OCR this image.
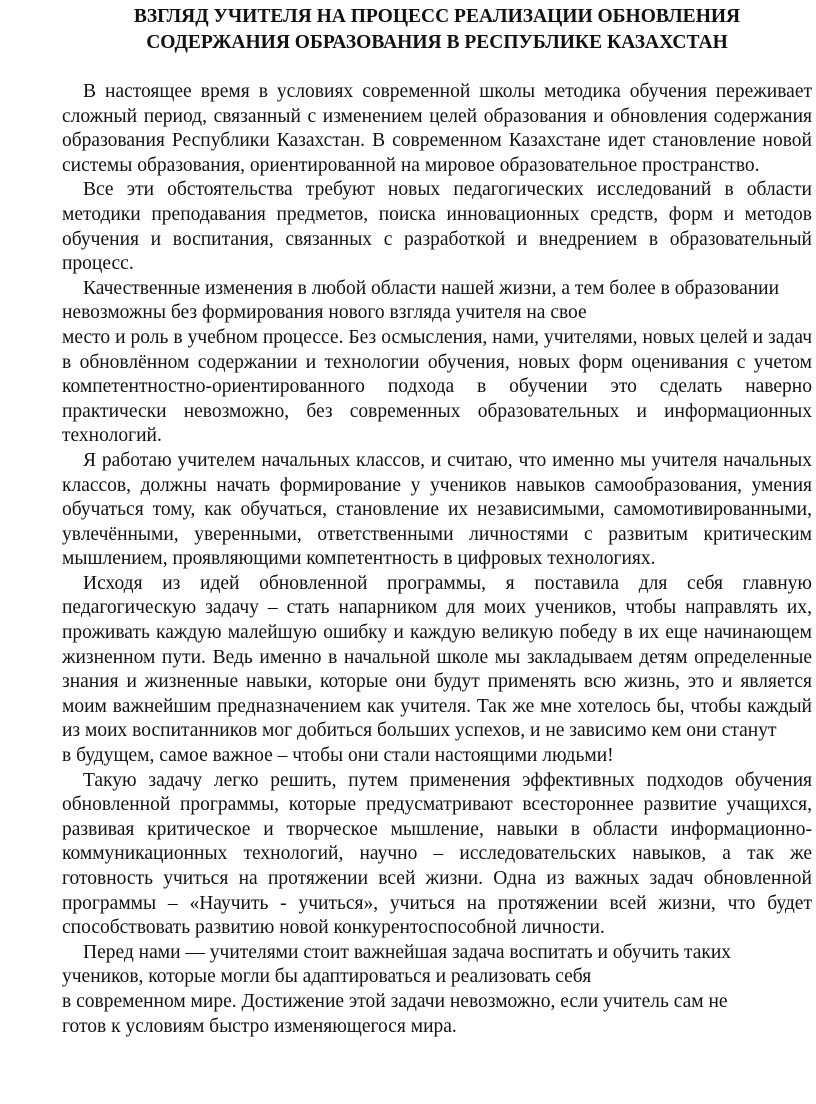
ВЗГЛЯД УЧИТЕЛЯ НА ПРОЦЕСС РЕАЛИЗАЦИИ ОБНОВЛЕНИЯ
СОДЕРЖАНИЯ ОБРАЗОВАНИЯ В РЕСПУБЛИКЕ КАЗАХСТАН

В настоящее время в условиях современной школы методика обучения переживает сложный период, связанный с изменением целей образования и обновления содержания образования Республики Казахстан. В современном Казахстане идет становление новой системы образования, ориентированной на мировое образовательное пространство.

Все эти обстоятельства требуют новых педагогических исследований в области методики преподавания предметов, поиска инновационных средств, форм и методов обучения и воспитания, связанных с разработкой и внедрением в образовательный процесс.

Качественные изменения в любой области нашей жизни, а тем более в образовании невозможны без формирования нового взгляда учителя на свое

место и роль в учебном процессе. Без осмысления, нами, учителями, новых целей и задач в обновлённом содержании и технологии обучения, новых форм оценивания с учетом компетентностно-ориентированного подхода в обучении это сделать наверно практически невозможно, без современных образовательных и информационных технологий.

Я работаю учителем начальных классов, и считаю, что именно мы учителя начальных классов, должны начать формирование у учеников навыков самообразования, умения обучаться тому, как обучаться, становление их независимыми, самомотивированными, увлечёнными, уверенными, ответственными личностями с развитым критическим мышлением, проявляющими компетентность в цифровых технологиях.

Исходя из идей обновленной программы, я поставила для себя главную педагогическую задачу – стать напарником для моих учеников, чтобы направлять их, проживать каждую малейшую ошибку и каждую великую победу в их еще начинающем жизненном пути. Ведь именно в начальной школе мы закладываем детям определенные знания и жизненные навыки, которые они будут применять всю жизнь, это и является моим важнейшим предназначением как учителя. Так же мне хотелось бы, чтобы каждый из моих воспитанников мог добиться больших успехов, и не зависимо кем они станут

в будущем, самое важное – чтобы они стали настоящими людьми!

Такую задачу легко решить, путем применения эффективных подходов обучения обновленной программы, которые предусматривают всестороннее развитие учащихся, развивая критическое и творческое мышление, навыки в области информационно-коммуникационных технологий, научно – исследовательских навыков, а так же готовность учиться на протяжении всей жизни. Одна из важных задач обновленной программы – «Научить - учиться», учиться на протяжении всей жизни, что будет способствовать развитию новой конкурентоспособной личности.

Перед нами — учителями стоит важнейшая задача воспитать и обучить таких учеников, которые могли бы адаптироваться и реализовать себя

в современном мире. Достижение этой задачи невозможно, если учитель сам не

готов к условиям быстро изменяющегося мира.
